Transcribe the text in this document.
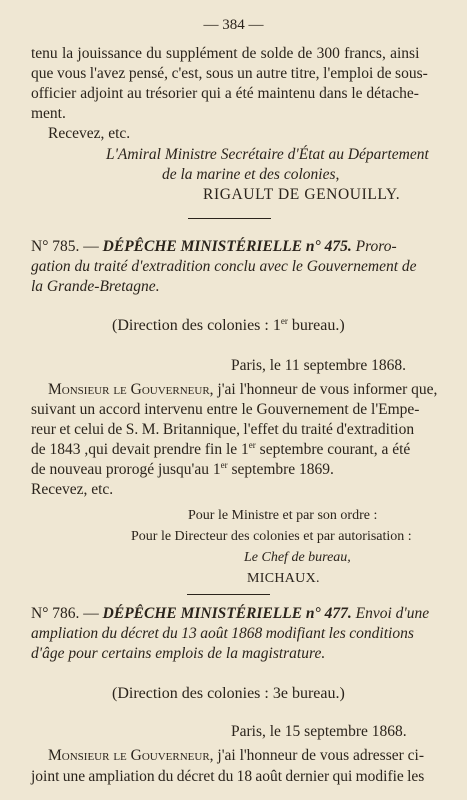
— 384 —
tenu la jouissance du supplément de solde de 300 francs, ainsi
que vous l'avez pensé, c'est, sous un autre titre, l'emploi de sous-
officier adjoint au trésorier qui a été maintenu dans le détache-
ment.
Recevez, etc.
L'Amiral Ministre Secrétaire d'État au Département
de la marine et des colonies,
RIGAULT DE GENOUILLY.
N° 785. — DÉPÊCHE MINISTÉRIELLE n° 475. Proro-
gation du traité d'extradition conclu avec le Gouvernement de
la Grande-Bretagne.
(Direction des colonies : 1er bureau.)
Paris, le 11 septembre 1868.
Monsieur le Gouverneur, j'ai l'honneur de vous informer que,
suivant un accord intervenu entre le Gouvernement de l'Empe-
reur et celui de S. M. Britannique, l'effet du traité d'extradition
de 1843 ,qui devait prendre fin le 1er septembre courant, a été
de nouveau prorogé jusqu'au 1er septembre 1869.
Recevez, etc.
Pour le Ministre et par son ordre :
Pour le Directeur des colonies et par autorisation :
Le Chef de bureau,
MICHAUX.
N° 786. — DÉPÊCHE MINISTÉRIELLE n° 477. Envoi d'une
ampliation du décret du 13 août 1868 modifiant les conditions
d'âge pour certains emplois de la magistrature.
(Direction des colonies : 3e bureau.)
Paris, le 15 septembre 1868.
Monsieur le Gouverneur, j'ai l'honneur de vous adresser ci-
joint une ampliation du décret du 18 août dernier qui modifie les
